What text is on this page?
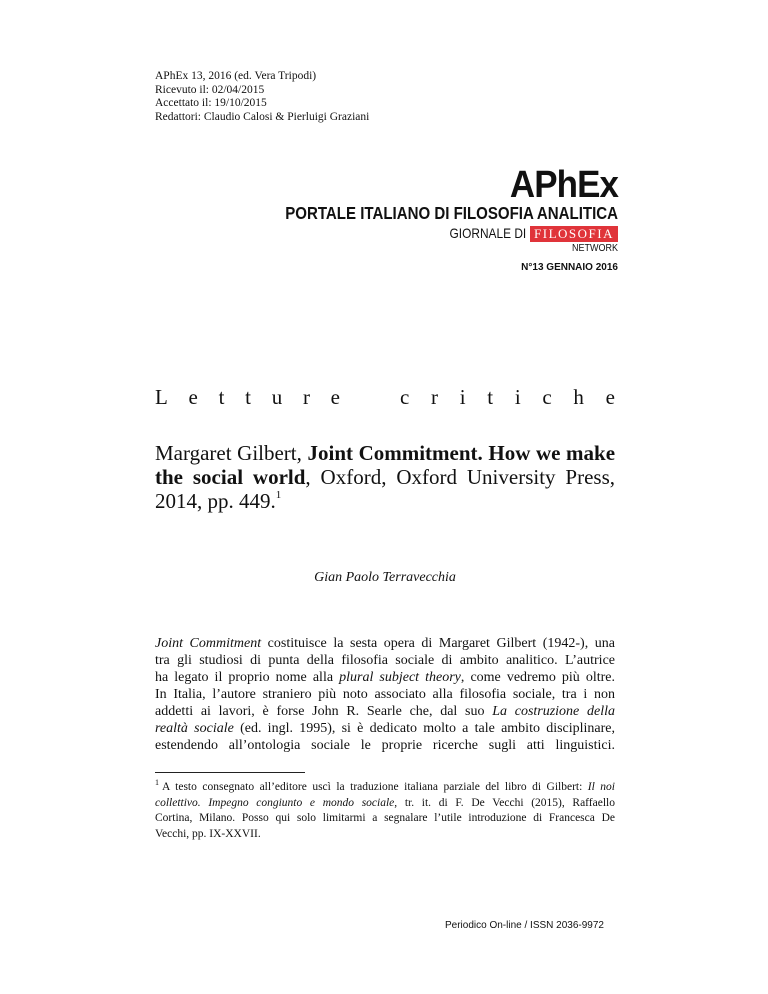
APhEx 13, 2016 (ed. Vera Tripodi)
Ricevuto il: 02/04/2015
Accettato il: 19/10/2015
Redattori: Claudio Calosi & Pierluigi Graziani
APhEx
PORTALE ITALIANO DI FILOSOFIA ANALITICA
GIORNALE DI FILOSOFIA
NETWORK
N°13 GENNAIO 2016
L e t t u r e	c r i t i c h e
Margaret Gilbert, Joint Commitment. How we make the social world, Oxford, Oxford University Press, 2014, pp. 449.$^1$
Gian Paolo Terravecchia
Joint Commitment costituisce la sesta opera di Margaret Gilbert (1942-), una
tra gli studiosi di punta della filosofia sociale di ambito analitico. L’autrice
ha legato il proprio nome alla plural subject theory, come vedremo più oltre.
In Italia, l’autore straniero più noto associato alla filosofia sociale, tra i non
addetti ai lavori, è forse John R. Searle che, dal suo La costruzione della
realtà sociale (ed. ingl. 1995), si è dedicato molto a tale ambito disciplinare,
estendendo all’ontologia sociale le proprie ricerche sugli atti linguistici.
$^1$ A testo consegnato all’editore uscì la traduzione italiana parziale del libro di Gilbert: Il noi
collettivo. Impegno congiunto e mondo sociale, tr. it. di F. De Vecchi (2015), Raffaello
Cortina, Milano. Posso qui solo limitarmi a segnalare l’utile introduzione di Francesca De
Vecchi, pp. IX-XXVII.
Periodico On-line / ISSN 2036-9972
